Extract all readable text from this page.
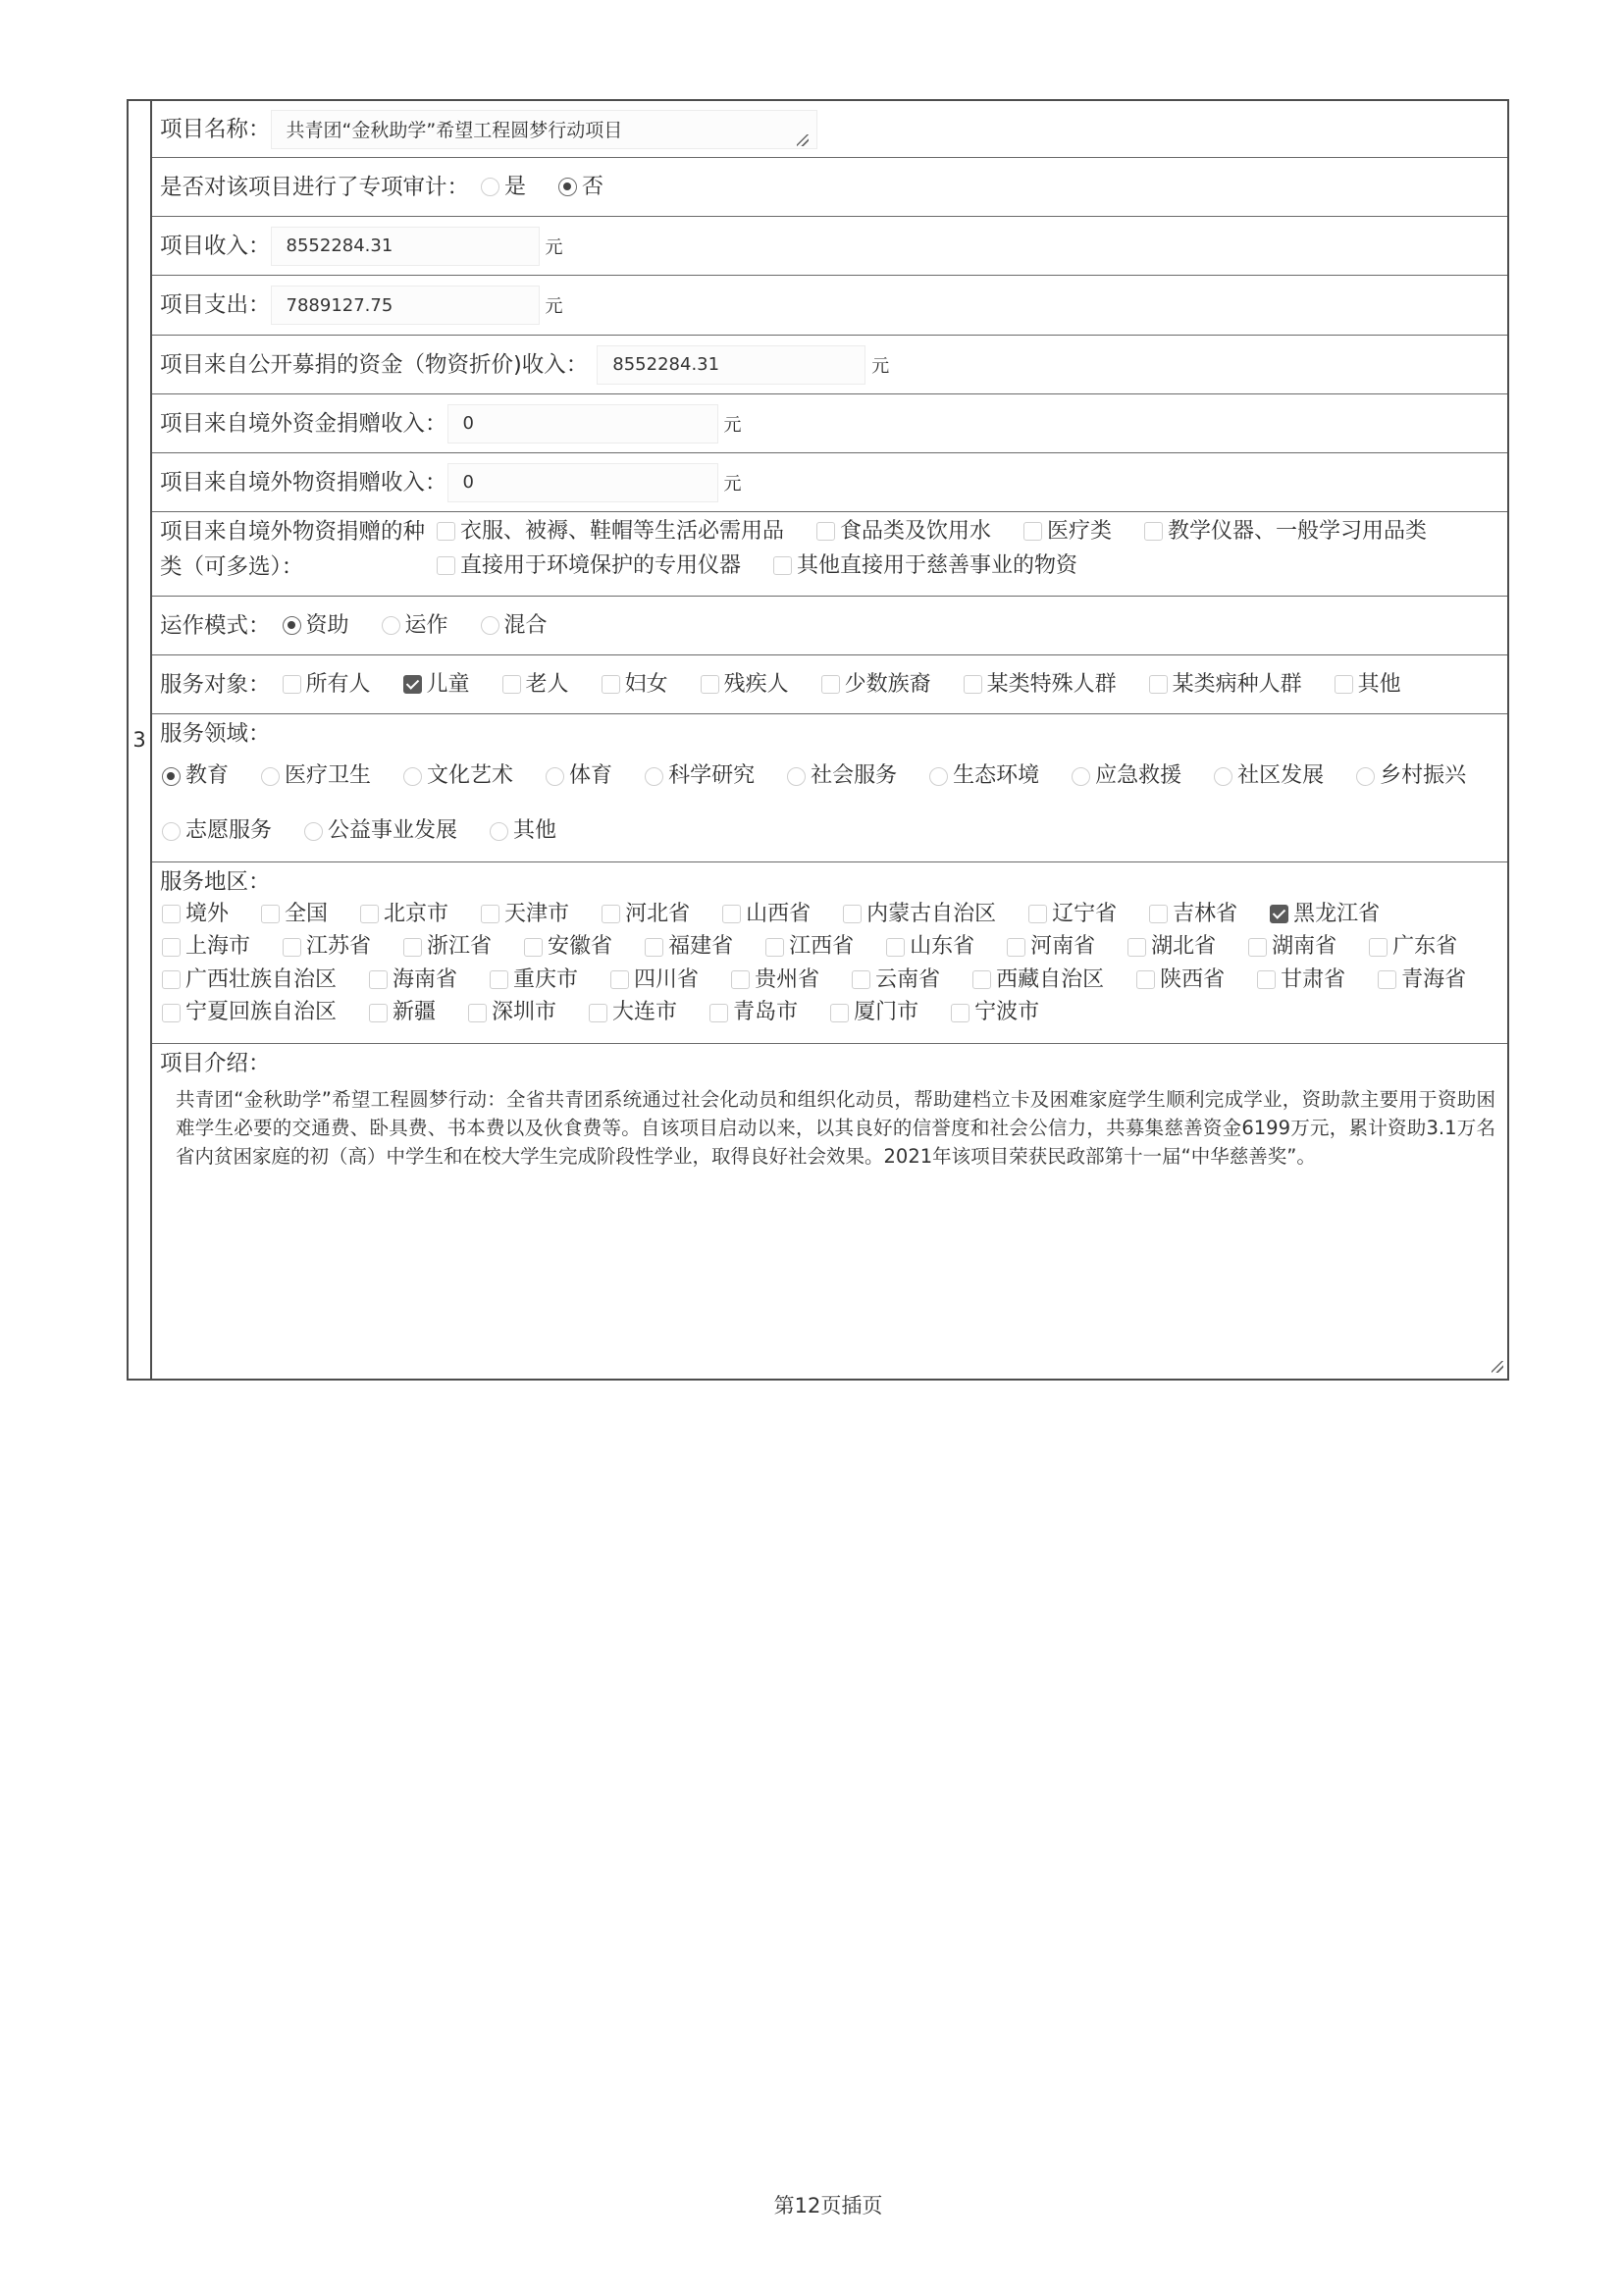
3
项目名称： 共青团“金秋助学”希望工程圆梦行动项目
是否对该项目进行了专项审计： 是	否
项目收入： 8552284.31	元
项目支出： 7889127.75	元
项目来自公开募捐的资金（物资折价)收入： 8552284.31	元
项目来自境外资金捐赠收入： 0	元
项目来自境外物资捐赠收入： 0	元
项目来自境外物资捐赠的种类（可多选）：
衣服、被褥、鞋帽等生活必需用品	食品类及饮用水	医疗类	教学仪器、一般学习用品类
直接用于环境保护的专用仪器	其他直接用于慈善事业的物资
运作模式： 资助	运作	混合
服务对象： 所有人	儿童	老人	妇女	残疾人	少数族裔	某类特殊人群	某类病种人群	其他
服务领域：
教育	医疗卫生	文化艺术	体育	科学研究	社会服务	生态环境	应急救援	社区发展	乡村振兴
志愿服务	公益事业发展	其他
服务地区：
境外	全国	北京市	天津市	河北省	山西省	内蒙古自治区	辽宁省	吉林省	黑龙江省
上海市	江苏省	浙江省	安徽省	福建省	江西省	山东省	河南省	湖北省	湖南省	广东省
广西壮族自治区	海南省	重庆市	四川省	贵州省	云南省	西藏自治区	陕西省	甘肃省	青海省
宁夏回族自治区	新疆	深圳市	大连市	青岛市	厦门市	宁波市
项目介绍：
共青团“金秋助学”希望工程圆梦行动：全省共青团系统通过社会化动员和组织化动员，帮助建档立卡及困难家庭学生顺利完成学业，资助款主要用于资助困难学生必要的交通费、卧具费、书本费以及伙食费等。自该项目启动以来，以其良好的信誉度和社会公信力，共募集慈善资金6199万元，累计资助3.1万名省内贫困家庭的初（高）中学生和在校大学生完成阶段性学业，取得良好社会效果。2021年该项目荣获民政部第十一届“中华慈善奖”。
第12页插页
